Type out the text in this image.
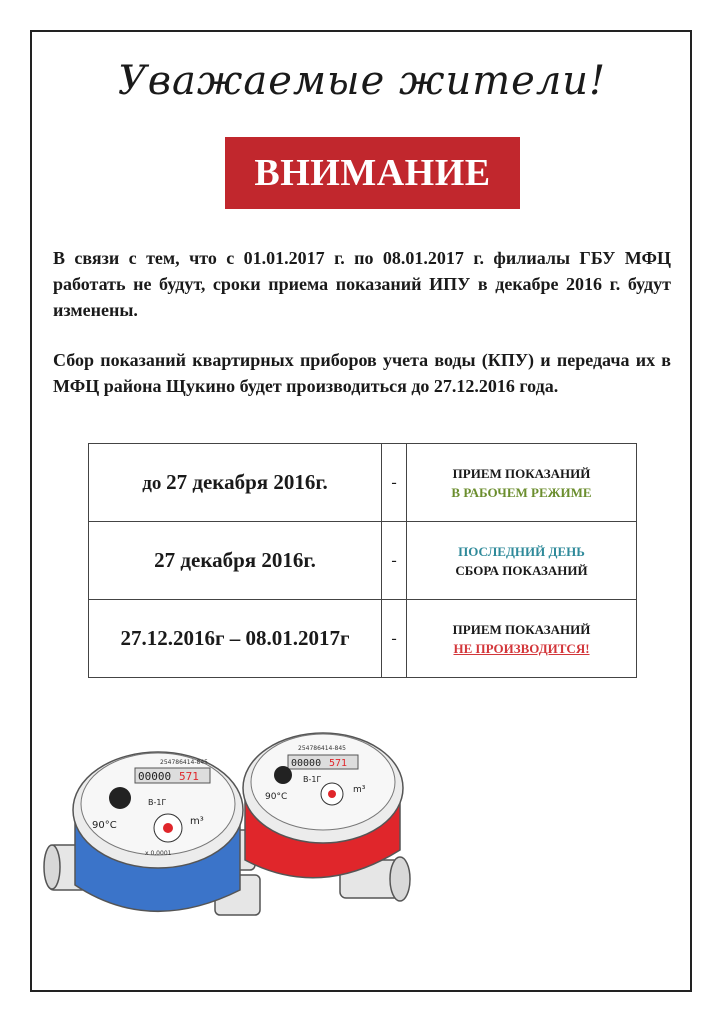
Уважаемые жители!
ВНИМАНИЕ
В связи с тем, что с 01.01.2017 г. по 08.01.2017 г. филиалы ГБУ МФЦ работать не будут, сроки приема показаний ИПУ в декабре 2016 г. будут изменены.
Сбор показаний квартирных приборов учета воды (КПУ) и передача их в МФЦ района Щукино будет производиться до 27.12.2016 года.
до 27 декабря 2016г.	-	ПРИЕМ ПОКАЗАНИЙ
В РАБОЧЕМ РЕЖИМЕ

27 декабря 2016г.	-	ПОСЛЕДНИЙ ДЕНЬ
СБОРА ПОКАЗАНИЙ

27.12.2016г – 08.01.2017г	-	ПРИЕМ ПОКАЗАНИЙ
НЕ ПРОИЗВОДИТСЯ!
254786414-845
00000 571
B-1Г
90°C
m³
254786414-845
00000 571
B-1Г
90°C	m³
x 0,0001
